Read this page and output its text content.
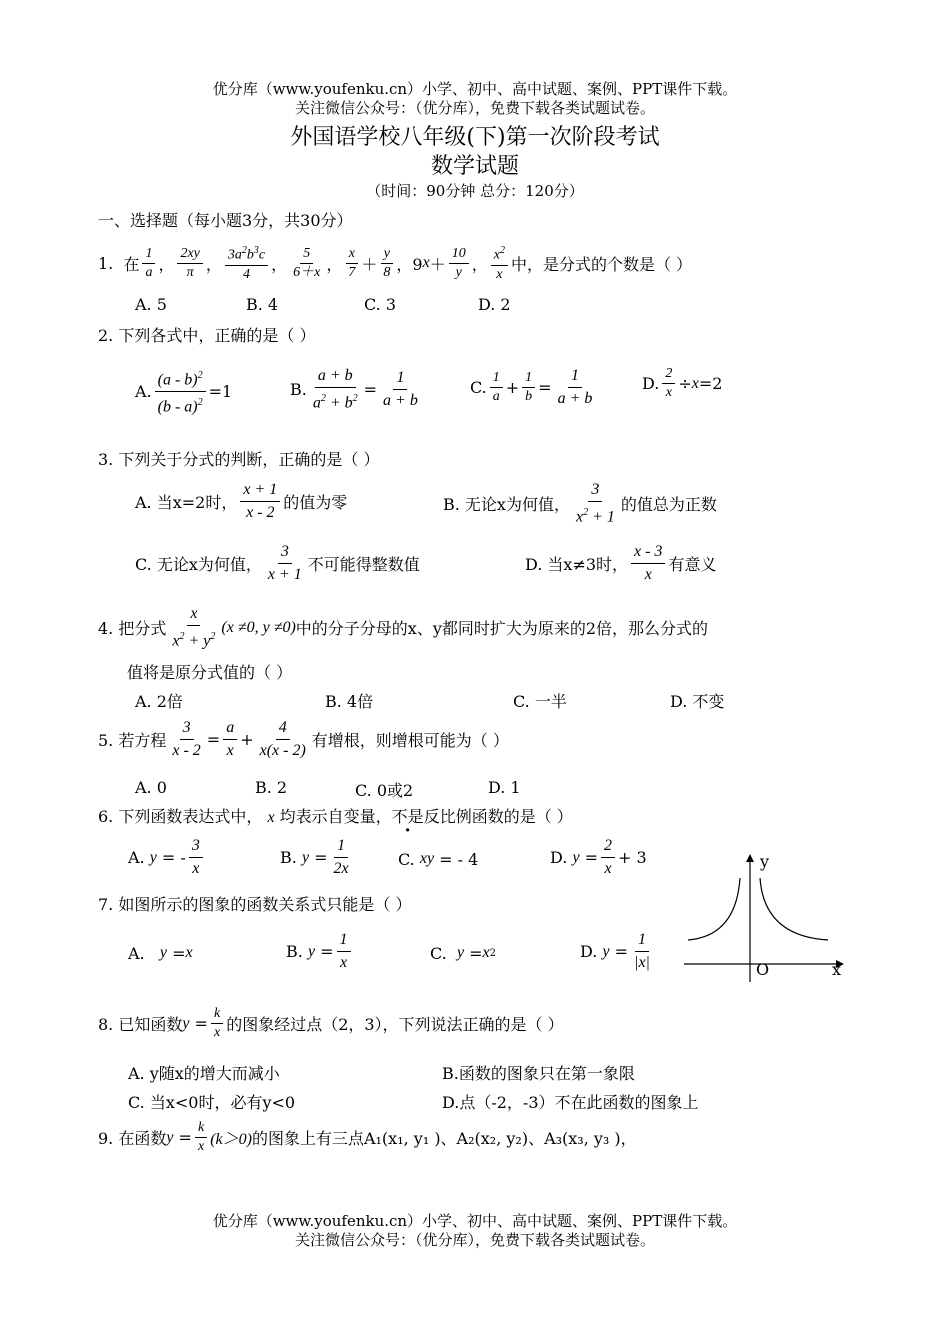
优分库（www.youfenku.cn）小学、初中、高中试题、案例、PPT课件下载。
关注微信公众号：（优分库），免费下载各类试题试卷。
外国语学校八年级(下)第一次阶段考试
数学试题
（时间：90分钟 总分：120分）
一、选择题（每小题3分，共30分）
1.
在
1
a ，
2xy
π ， $3a^2b^3c$
4
，
5
6＋x ，
x
7 ＋
y
8 ，9 x ＋
10
y ， $x^2$
x
中，是分式的个数是（ ）
A. 5	B. 4	C. 3	D. 2
2. 下列各式中，正确的是（ ）
A.
(a - b)$^2$
(b - a)$^2$
=1	B.
a + b
$a^2 + b^2$ =
1
a + b
C.
1
a +
1
b =
1
a + b
D.
2
x ÷ x =2
3. 下列关于分式的判断，正确的是（ ）
A. 当x=2时，
x + 1
x - 2
的值为零	B. 无论x为何值，
3
$x^2 + 1$
的值总为正数
C. 无论x为何值，
3
x + 1
不可能得整数值	D. 当x≠3时，
x - 3
x
有意义
4. 把分式
x
$x^2 + y^2$
(x ≠0, y ≠0) 中的分子分母的x、y都同时扩大为原来的2倍，那么分式的
值将是原分式值的（ ）
A. 2倍	B. 4倍	C. 一半	D. 不变
5. 若方程
3
x - 2
=
a
x
+
4
x(x - 2)
有增根，则增根可能为（ ）
A. 0	B. 2	C. 0或2	D. 1
6. 下列函数表达式中， x 均表示自变量，不是反比例函数的是（ ）
A.
y = -
3
x
B.
y =
1
2x	C.
xy = - 4	D.
y =
2
x
+ 3
7. 如图所示的图象的函数关系式只能是（ ）
A.
y = x	B.
y =
1
x	C.
y = x 2	D.
y =
1
|x|
y
x
O
8. 已知函数 y =
k
x 的图象经过点（2，3），下列说法正确的是（ ）
A. y随x的增大而减小	B.函数的图象只在第一象限
C. 当x<0时，必有y<0	D.点（-2，-3）不在此函数的图象上
9. 在函数 y =
k
x (k＞0) 的图象上有三点A₁(x₁, y₁ )、A₂(x₂, y₂)、A₃(x₃, y₃ )，
优分库（www.youfenku.cn）小学、初中、高中试题、案例、PPT课件下载。
关注微信公众号：（优分库），免费下载各类试题试卷。
